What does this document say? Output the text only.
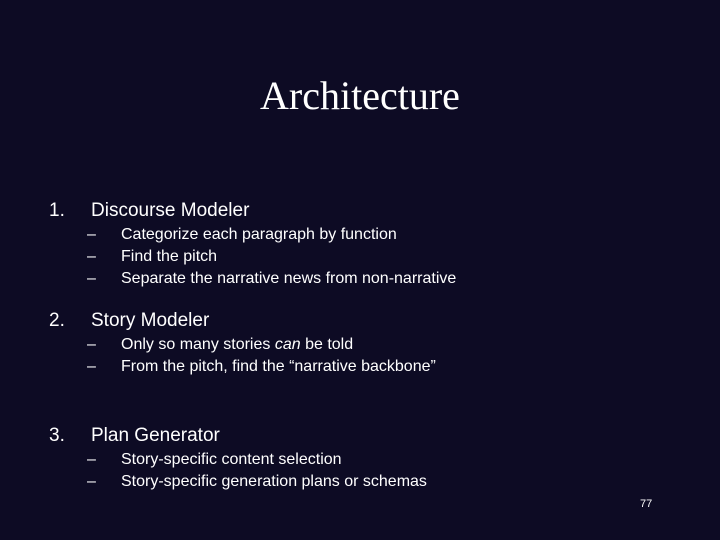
Architecture
1. Discourse Modeler
– Categorize each paragraph by function
– Find the pitch
– Separate the narrative news from non-narrative
2. Story Modeler
– Only so many stories can be told
– From the pitch, find the “narrative backbone”
3. Plan Generator
– Story-specific content selection
– Story-specific generation plans or schemas
77
